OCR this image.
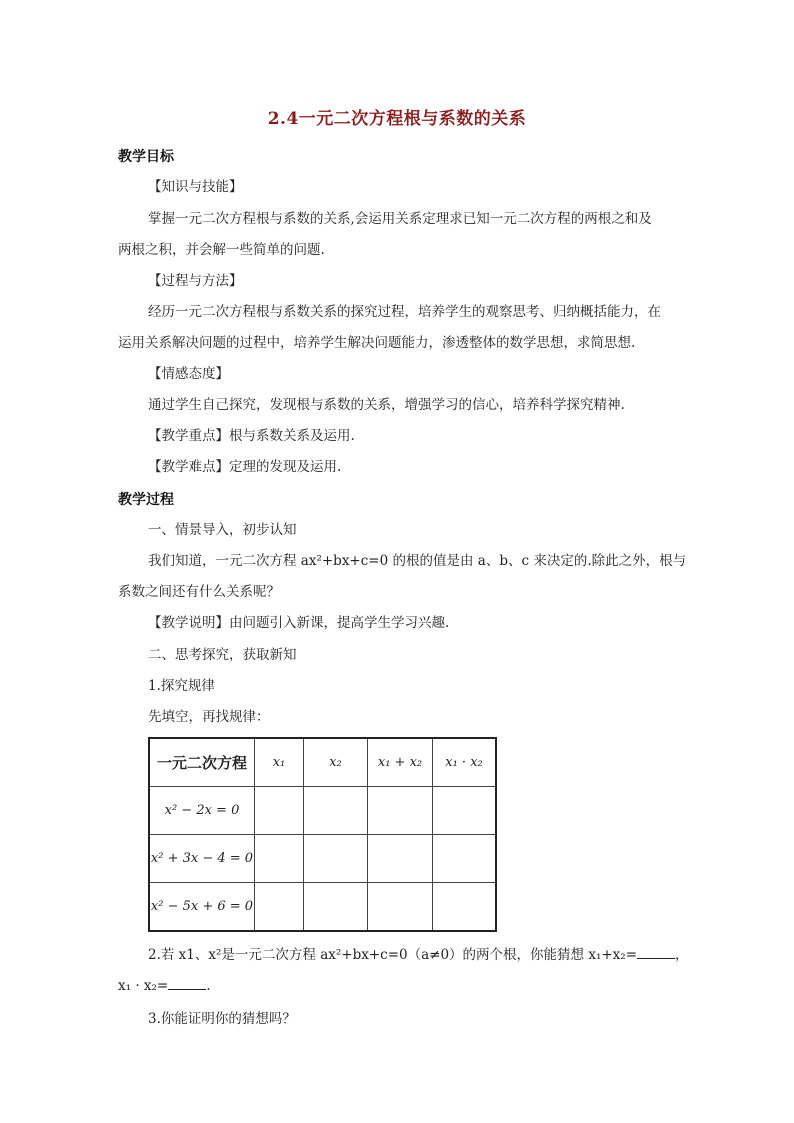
2.4一元二次方程根与系数的关系
教学目标
【知识与技能】
掌握一元二次方程根与系数的关系,会运用关系定理求已知一元二次方程的两根之和及
两根之积，并会解一些简单的问题.
【过程与方法】
经历一元二次方程根与系数关系的探究过程，培养学生的观察思考、归纳概括能力，在
运用关系解决问题的过程中，培养学生解决问题能力，渗透整体的数学思想，求简思想.
【情感态度】
通过学生自己探究，发现根与系数的关系，增强学习的信心，培养科学探究精神.
【教学重点】根与系数关系及运用.
【教学难点】定理的发现及运用.
教学过程
一、情景导入，初步认知
我们知道，一元二次方程 ax²+bx+c=0 的根的值是由 a、b、c 来决定的.除此之外，根与
系数之间还有什么关系呢？
【教学说明】由问题引入新课，提高学生学习兴趣.
二、思考探究，获取新知
1.探究规律
先填空，再找规律：
一元二次方程	x₁	x₂	x₁ + x₂	x₁ · x₂
x² − 2x = 0				
x² + 3x − 4 = 0				
x² − 5x + 6 = 0				
2.若 x1、x²是一元二次方程 ax²+bx+c=0（a≠0）的两个根，你能猜想 x₁+x₂=	，
x₁ · x₂=	.
3.你能证明你的猜想吗？
